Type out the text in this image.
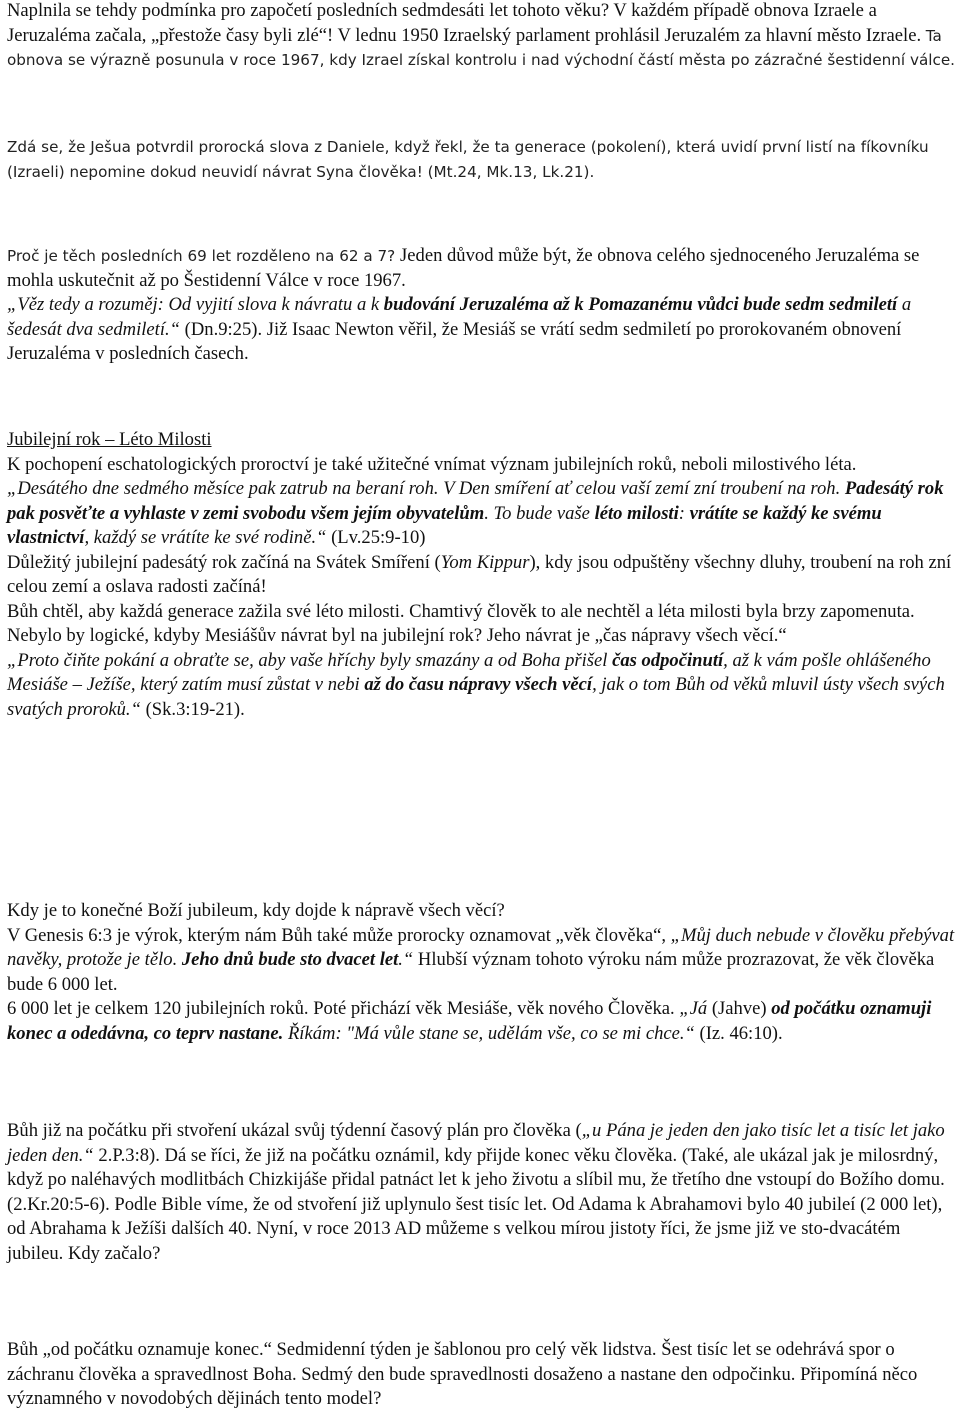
Naplnila se tehdy podmínka pro započetí posledních sedmdesáti let tohoto věku? V každém případě obnova Izraele a Jeruzaléma začala, „přestože časy byli zlé“! V lednu 1950 Izraelský parlament prohlásil Jeruzalém za hlavní město Izraele. Ta obnova se výrazně posunula v roce 1967, kdy Izrael získal kontrolu i nad východní částí města po zázračné šestidenní válce.

Zdá se, že Ješua potvrdil prorocká slova z Daniele, když řekl, že ta generace (pokolení), která uvidí první listí na fíkovníku (Izraeli) nepomine dokud neuvidí návrat Syna člověka! (Mt.24, Mk.13, Lk.21).

Proč je těch posledních 69 let rozděleno na 62 a 7? Jeden důvod může být, že obnova celého sjednoceného Jeruzaléma se mohla uskutečnit až po Šestidenní Válce v roce 1967.
„Věz tedy a rozuměj: Od vyjití slova k návratu a k budování Jeruzaléma až k Pomazanému vůdci bude sedm sedmiletí a šedesát dva sedmiletí.“ (Dn.9:25). Již Isaac Newton věřil, že Mesiáš se vrátí sedm sedmiletí po prorokovaném obnovení Jeruzaléma v posledních časech.

Jubilejní rok – Léto Milosti
K pochopení eschatologických proroctví je také užitečné vnímat význam jubilejních roků, neboli milostivého léta.
„Desátého dne sedmého měsíce pak zatrub na beraní roh. V Den smíření ať celou vaší zemí zní troubení na roh. Padesátý rok pak posvěťte a vyhlaste v zemi svobodu všem jejím obyvatelům. To bude vaše léto milosti: vrátíte se každý ke svému vlastnictví, každý se vrátíte ke své rodině.“ (Lv.25:9-10)
Důležitý jubilejní padesátý rok začíná na Svátek Smíření (Yom Kippur), kdy jsou odpuštěny všechny dluhy, troubení na roh zní celou zemí a oslava radosti začíná!
Bůh chtěl, aby každá generace zažila své léto milosti. Chamtivý člověk to ale nechtěl a léta milosti byla brzy zapomenuta.
Nebylo by logické, kdyby Mesiášův návrat byl na jubilejní rok? Jeho návrat je „čas nápravy všech věcí.“
„Proto čiňte pokání a obraťte se, aby vaše hříchy byly smazány a od Boha přišel čas odpočinutí, až k vám pošle ohlášeného Mesiáše – Ježíše, který zatím musí zůstat v nebi až do času nápravy všech věcí, jak o tom Bůh od věků mluvil ústy všech svých svatých proroků.“ (Sk.3:19-21).

Kdy je to konečné Boží jubileum, kdy dojde k nápravě všech věcí?
V Genesis 6:3 je výrok, kterým nám Bůh také může prorocky oznamovat „věk člověka“, „Můj duch nebude v člověku přebývat navěky, protože je tělo. Jeho dnů bude sto dvacet let.“ Hlubší význam tohoto výroku nám může prozrazovat, že věk člověka bude 6 000 let.
6 000 let je celkem 120 jubilejních roků. Poté přichází věk Mesiáše, věk nového Člověka. „Já (Jahve) od počátku oznamuji konec a odedávna, co teprv nastane. Říkám: "Má vůle stane se, udělám vše, co se mi chce.“ (Iz. 46:10).

Bůh již na počátku při stvoření ukázal svůj týdenní časový plán pro člověka („u Pána je jeden den jako tisíc let a tisíc let jako jeden den.“ 2.P.3:8). Dá se říci, že již na počátku oznámil, kdy přijde konec věku člověka. (Také, ale ukázal jak je milosrdný, když po naléhavých modlitbách Chizkijáše přidal patnáct let k jeho životu a slíbil mu, že třetího dne vstoupí do Božího domu. (2.Kr.20:5-6). Podle Bible víme, že od stvoření již uplynulo šest tisíc let. Od Adama k Abrahamovi bylo 40 jubileí (2 000 let), od Abrahama k Ježíši dalších 40. Nyní, v roce 2013 AD můžeme s velkou mírou jistoty říci, že jsme již ve sto-dvacátém jubileu. Kdy začalo?

Bůh „od počátku oznamuje konec.“ Sedmidenní týden je šablonou pro celý věk lidstva. Šest tisíc let se odehrává spor o záchranu člověka a spravedlnost Boha. Sedmý den bude spravedlnosti dosaženo a nastane den odpočinku. Připomíná něco významného v novodobých dějinách tento model?
